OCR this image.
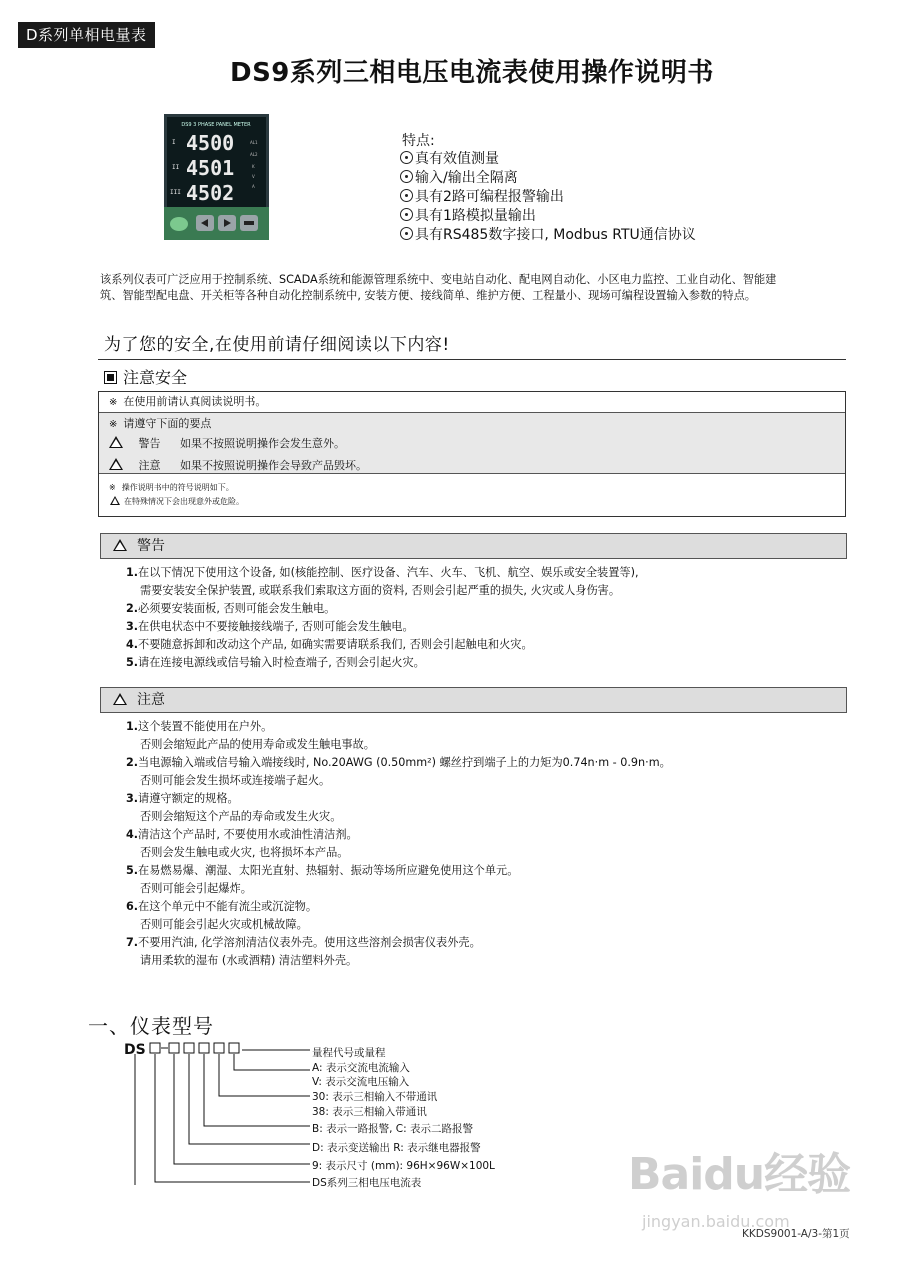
D系列单相电量表
DS9系列三相电压电流表使用操作说明书
DS9 3 PHASE PANEL METER
I 4500
II 4501
III 4502
AL1
AL2
K
V
A
特点:
真有效值测量
输入/输出全隔离
具有2路可编程报警输出
具有1路模拟量输出
具有RS485数字接口, Modbus RTU通信协议
该系列仪表可广泛应用于控制系统、SCADA系统和能源管理系统中、变电站自动化、配电网自动化、小区电力监控、工业自动化、智能建筑、智能型配电盘、开关柜等各种自动化控制系统中, 安装方便、接线简单、维护方便、工程量小、现场可编程设置输入参数的特点。
为了您的安全,在使用前请仔细阅读以下内容!
注意安全
※ 在使用前请认真阅读说明书。
※ 请遵守下面的要点
警告 如果不按照说明操作会发生意外。
注意 如果不按照说明操作会导致产品毁坏。
※ 操作说明书中的符号说明如下。
在特殊情况下会出现意外或危险。
警告
1.在以下情况下使用这个设备, 如(核能控制、医疗设备、汽车、火车、飞机、航空、娱乐或安全装置等),
需要安装安全保护装置, 或联系我们索取这方面的资料, 否则会引起严重的损失, 火灾或人身伤害。
2.必须要安装面板, 否则可能会发生触电。
3.在供电状态中不要接触接线端子, 否则可能会发生触电。
4.不要随意拆卸和改动这个产品, 如确实需要请联系我们, 否则会引起触电和火灾。
5.请在连接电源线或信号输入时检查端子, 否则会引起火灾。
注意
1.这个装置不能使用在户外。
否则会缩短此产品的使用寿命或发生触电事故。
2.当电源输入端或信号输入端接线时, No.20AWG (0.50mm²) 螺丝拧到端子上的力矩为0.74n·m - 0.9n·m。
否则可能会发生损坏或连接端子起火。
3.请遵守额定的规格。
否则会缩短这个产品的寿命或发生火灾。
4.清洁这个产品时, 不要使用水或油性清洁剂。
否则会发生触电或火灾, 也将损坏本产品。
5.在易燃易爆、潮湿、太阳光直射、热辐射、振动等场所应避免使用这个单元。
否则可能会引起爆炸。
6.在这个单元中不能有流尘或沉淀物。
否则可能会引起火灾或机械故障。
7.不要用汽油, 化学溶剂清洁仪表外壳。使用这些溶剂会损害仪表外壳。
请用柔软的湿布 (水或酒精) 清洁塑料外壳。
一、仪表型号
DS	量程代号或量程
A: 表示交流电流输入
V: 表示交流电压输入
30: 表示三相输入不带通讯
38: 表示三相输入带通讯
B: 表示一路报警, C: 表示二路报警
D: 表示变送输出 R: 表示继电器报警
9: 表示尺寸 (mm): 96H×96W×100L
DS系列三相电压电流表	Baidu经验
jingyan.baidu.com
KKDS9001-A/3-第1页
